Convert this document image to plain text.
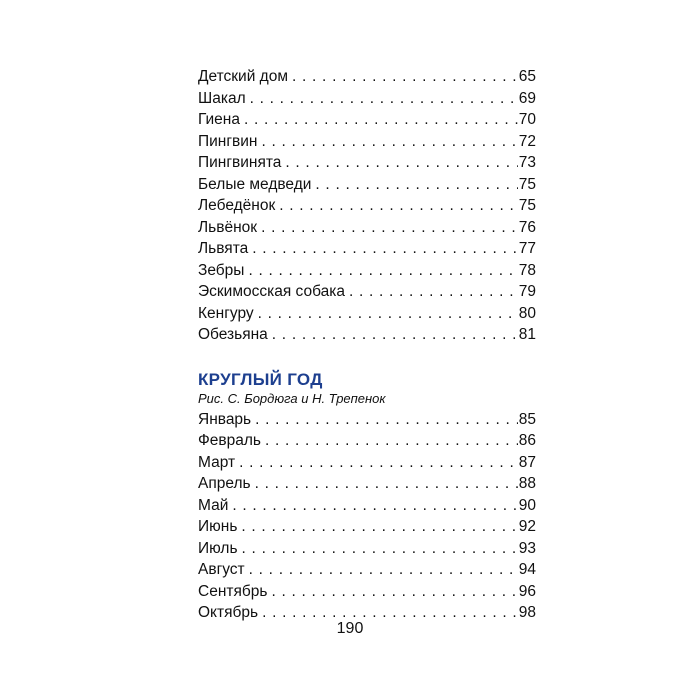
Детский дом . . .	65
Шакал . . .	69
Гиена . . .	70
Пингвин . . .	72
Пингвинята . . .	73
Белые медведи . . .	75
Лебедёнок . . .	75
Львёнок . . .	76
Львята . . .	77
Зебры . . .	78
Эскимосская собака . . .	79
Кенгуру . . .	80
Обезьяна . . .	81
КРУГЛЫЙ ГОД
Рис. С. Бордюга и Н. Трепенок
Январь . . .	85
Февраль . . .	86
Март . . .	87
Апрель . . .	88
Май . . .	90
Июнь . . .	92
Июль . . .	93
Август . . .	94
Сентябрь . . .	96
Октябрь . . .	98
190
